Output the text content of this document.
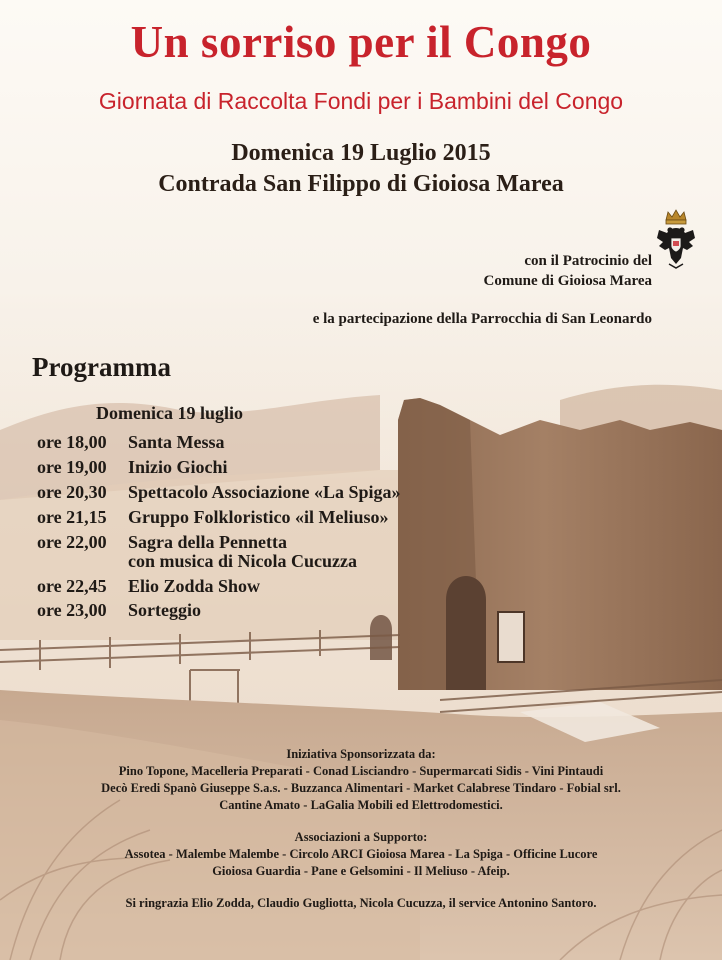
Un sorriso per il Congo

Giornata di Raccolta Fondi per i Bambini del Congo

Domenica 19 Luglio 2015

Contrada San Filippo di Gioiosa Marea

con il Patrocinio del
Comune di Gioiosa Marea

e la partecipazione della Parrocchia di San Leonardo

Programma

Domenica 19 luglio

ore 18,00 Santa Messa
ore 19,00 Inizio Giochi
ore 20,30 Spettacolo Associazione «La Spiga»
ore 21,15 Gruppo Folkloristico «il Meliuso»
ore 22,00 Sagra della Pennetta
con musica di Nicola Cucuzza
ore 22,45 Elio Zodda Show
ore 23,00 Sorteggio

Iniziativa Sponsorizzata da:

Pino Topone, Macelleria Preparati - Conad Lisciandro - Supermarcati Sidis - Vini Pintaudi

Decò Eredi Spanò Giuseppe S.a.s. - Buzzanca Alimentari - Market Calabrese Tindaro - Fobial srl.

Cantine Amato - LaGalia Mobili ed Elettrodomestici.

Associazioni a Supporto:

Assotea - Malembe Malembe - Circolo ARCI Gioiosa Marea - La Spiga - Officine Lucore

Gioiosa Guardia - Pane e Gelsomini - Il Meliuso - Afeip.

Si ringrazia Elio Zodda, Claudio Gugliotta, Nicola Cucuzza, il service Antonino Santoro.
